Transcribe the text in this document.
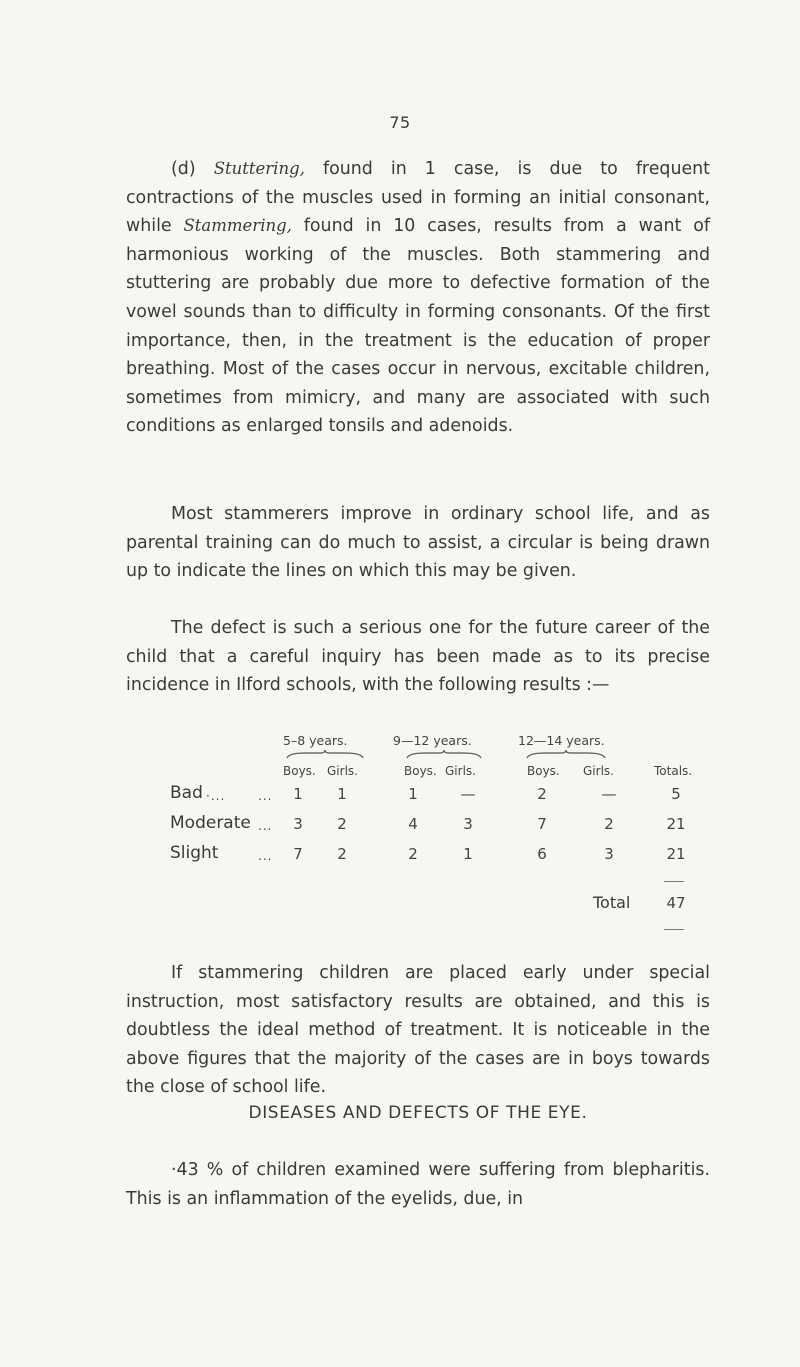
75

(d) Stuttering, found in 1 case, is due to frequent contractions of the muscles used in forming an initial consonant, while Stammering, found in 10 cases, results from a want of harmonious working of the muscles. Both stammering and stuttering are probably due more to defective formation of the vowel sounds than to difficulty in forming consonants. Of the first importance, then, in the treatment is the education of proper breathing. Most of the cases occur in nervous, excitable children, sometimes from mimicry, and many are associated with such conditions as enlarged tonsils and adenoids.

Most stammerers improve in ordinary school life, and as parental training can do much to assist, a circular is being drawn up to indicate the lines on which this may be given.

The defect is such a serious one for the future career of the child that a careful inquiry has been made as to its precise incidence in Ilford schools, with the following results :—

5–8 years.	9—12 years.	12—14 years.
Boys. Girls.	Boys. Girls.	Boys. Girls.	Totals.
Bad ·...	...	1	1	1	—	2	—	5
Moderate ...	3	2	4	3	7	2	21
Slight	...	7	2	2	1	6	3	21
Total	47

If stammering children are placed early under special instruction, most satisfactory results are obtained, and this is doubtless the ideal method of treatment. It is noticeable in the above figures that the majority of the cases are in boys towards the close of school life.

DISEASES AND DEFECTS OF THE EYE.

·43 % of children examined were suffering from blepharitis. This is an inflammation of the eyelids, due, in
